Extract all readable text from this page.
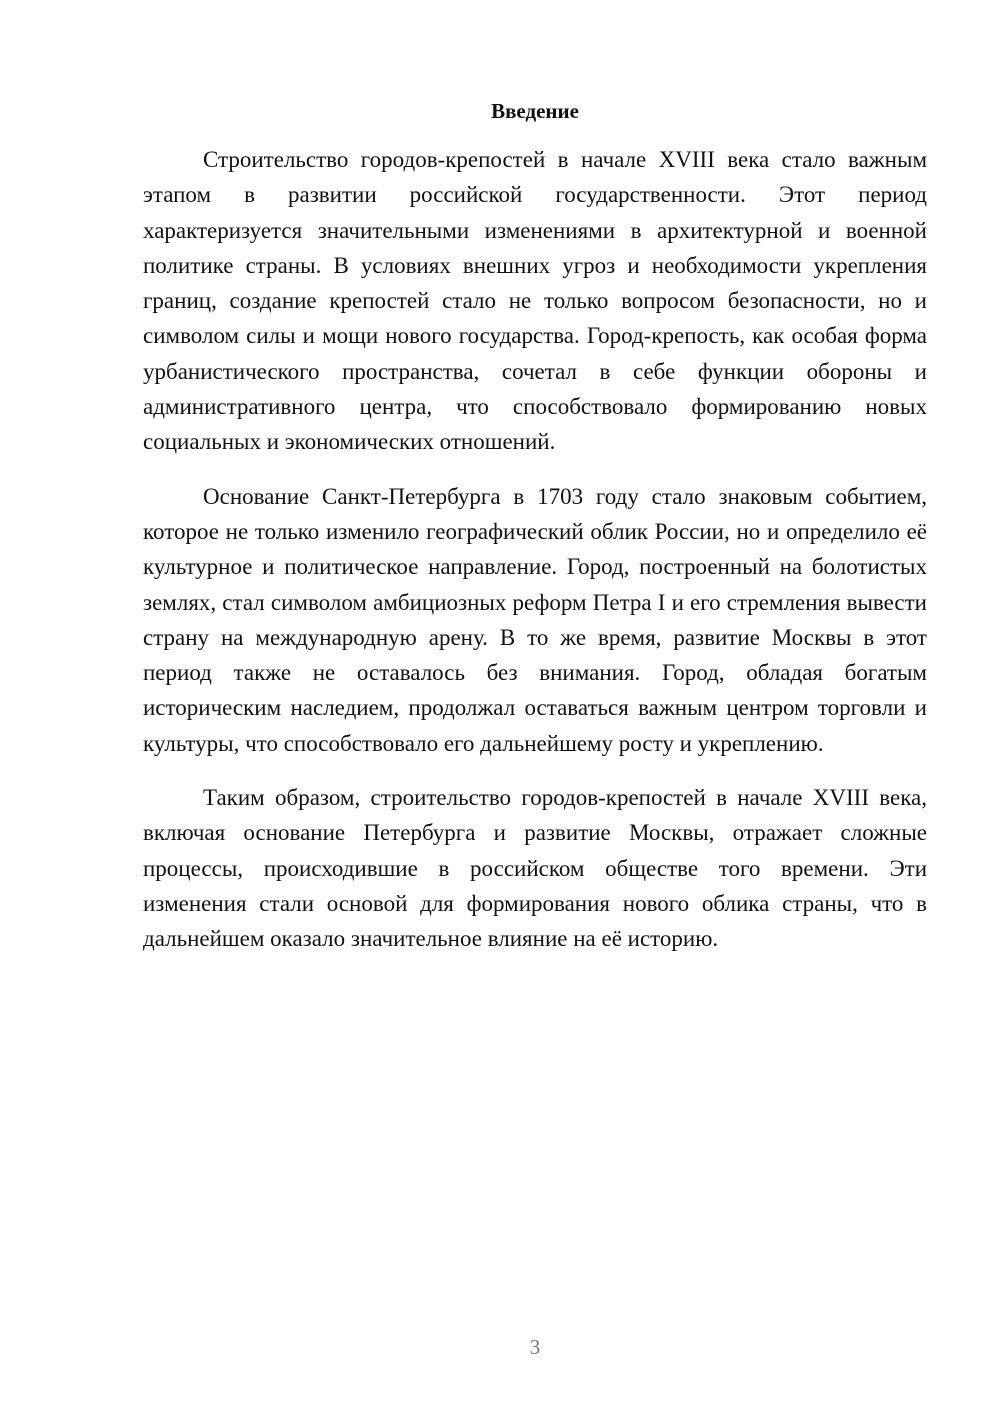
Введение

Строительство городов-крепостей в начале XVIII века стало важным этапом в развитии российской государственности. Этот период характеризуется значительными изменениями в архитектурной и военной политике страны. В условиях внешних угроз и необходимости укрепления границ, создание крепостей стало не только вопросом безопасности, но и символом силы и мощи нового государства. Город-крепость, как особая форма урбанистического пространства, сочетал в себе функции обороны и административного центра, что способствовало формированию новых социальных и экономических отношений.

Основание Санкт-Петербурга в 1703 году стало знаковым событием, которое не только изменило географический облик России, но и определило её культурное и политическое направление. Город, построенный на болотистых землях, стал символом амбициозных реформ Петра I и его стремления вывести страну на международную арену. В то же время, развитие Москвы в этот период также не оставалось без внимания. Город, обладая богатым историческим наследием, продолжал оставаться важным центром торговли и культуры, что способствовало его дальнейшему росту и укреплению.

Таким образом, строительство городов-крепостей в начале XVIII века, включая основание Петербурга и развитие Москвы, отражает сложные процессы, происходившие в российском обществе того времени. Эти изменения стали основой для формирования нового облика страны, что в дальнейшем оказало значительное влияние на её историю.

3
